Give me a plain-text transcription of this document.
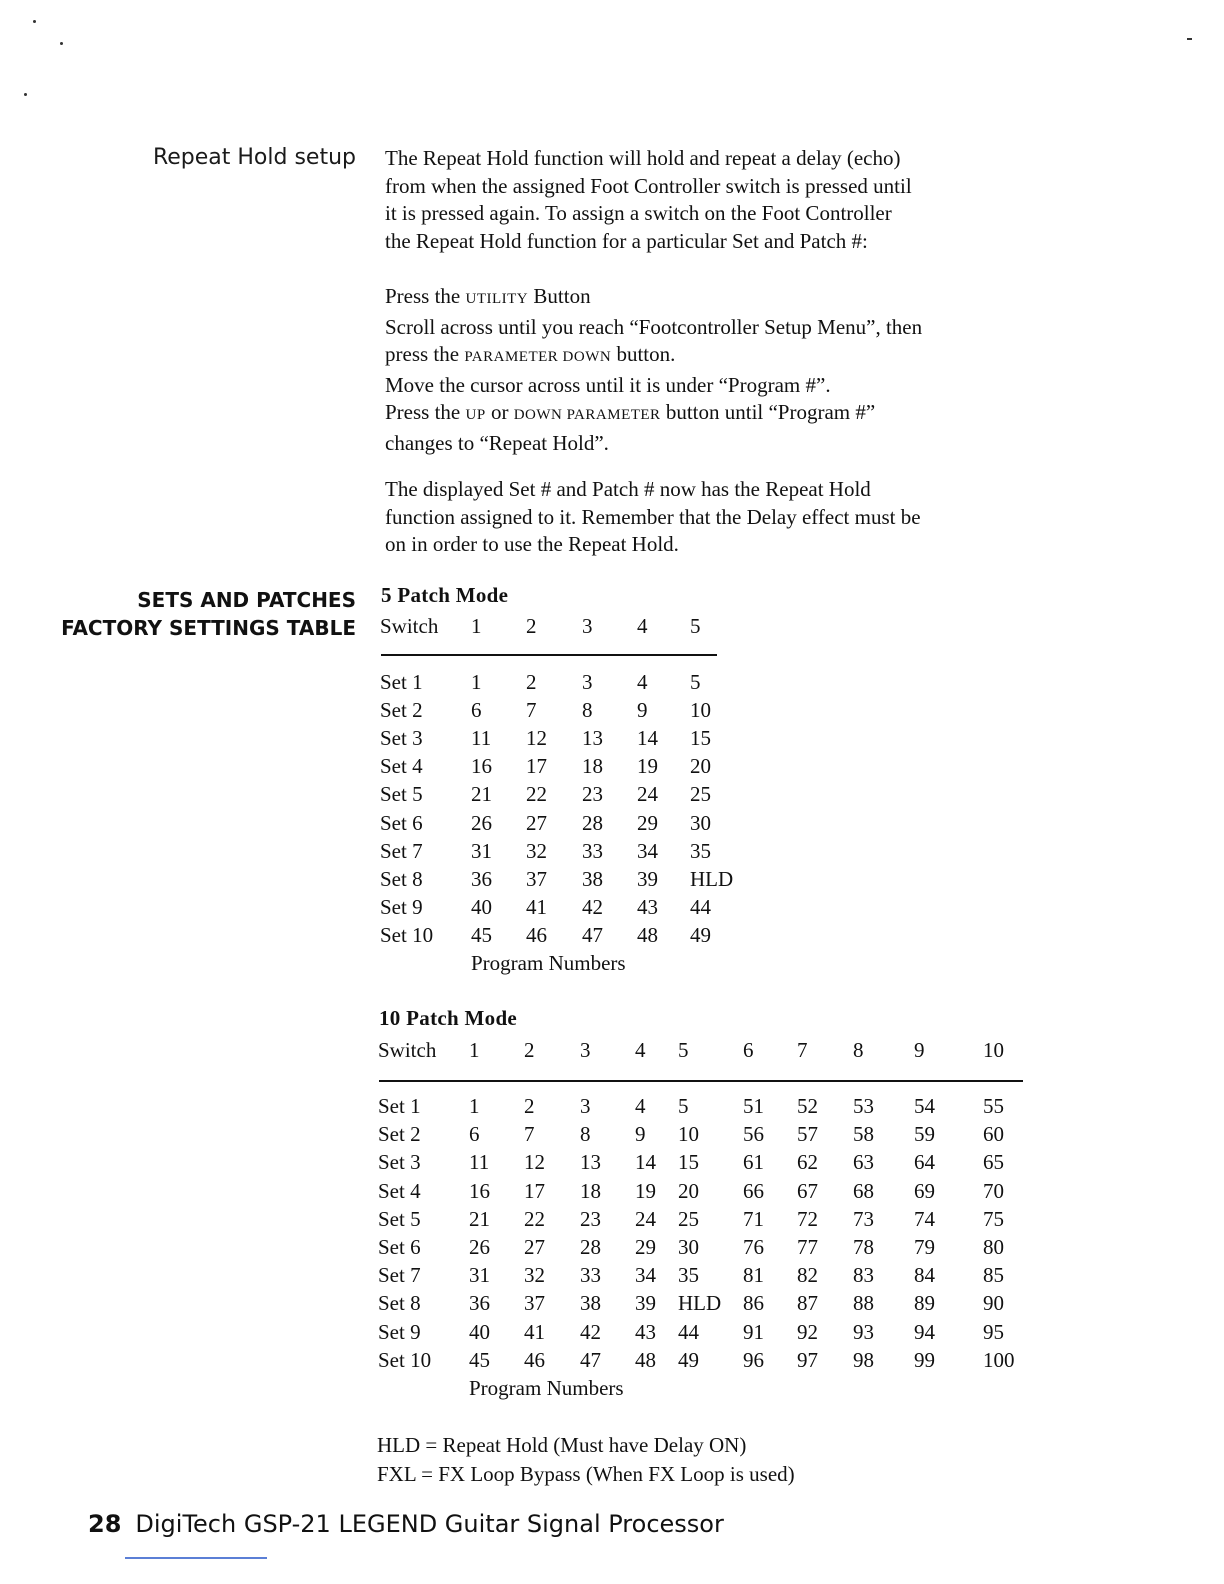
Repeat Hold setup The Repeat Hold function will hold and repeat a delay (echo)

from when the assigned Foot Controller switch is pressed until

it is pressed again. To assign a switch on the Foot Controller

the Repeat Hold function for a particular Set and Patch #:

Press the UTILITY Button

Scroll across until you reach “Footcontroller Setup Menu”, then

press the PARAMETER DOWN button.

Move the cursor across until it is under “Program #”.

Press the UP or DOWN PARAMETER button until “Program #”

changes to “Repeat Hold”.

The displayed Set # and Patch # now has the Repeat Hold

function assigned to it. Remember that the Delay effect must be

on in order to use the Repeat Hold.

SETS AND PATCHES
FACTORY SETTINGS TABLE
5 Patch Mode
Switch 1 2 3 4 5
Set 1 1 2 3 4 5
Set 2 6 7 8 9 10
Set 3 11 12 13 14 15
Set 4 16 17 18 19 20
Set 5 21 22 23 24 25
Set 6 26 27 28 29 30
Set 7 31 32 33 34 35
Set 8 36 37 38 39 HLD
Set 9 40 41 42 43 44
Set 10 45 46 47 48 49
Program Numbers
10 Patch Mode
Switch 1 2 3 4 5	6 7 8 9	10
Set 1 1 2 3 4 5	51 52 53 54 55
Set 2 6 7 8 9 10 56 57 58 59 60
Set 3 11 12 13 14 15 61 62 63 64 65
Set 4 16 17 18 19 20 66 67 68 69 70
Set 5 21 22 23 24 25 71 72 73 74 75
Set 6 26 27 28 29 30 76 77 78 79 80
Set 7 31 32 33 34 35 81 82 83 84 85
Set 8 36 37 38 39 HLD 86 87 88 89 90
Set 9 40 41 42 43 44 91 92 93 94 95
Set 10 45 46 47 48 49 96 97 98 99 100
Program Numbers
HLD = Repeat Hold (Must have Delay ON)
FXL = FX Loop Bypass (When FX Loop is used)
28 DigiTech GSP-21 LEGEND Guitar Signal Processor
